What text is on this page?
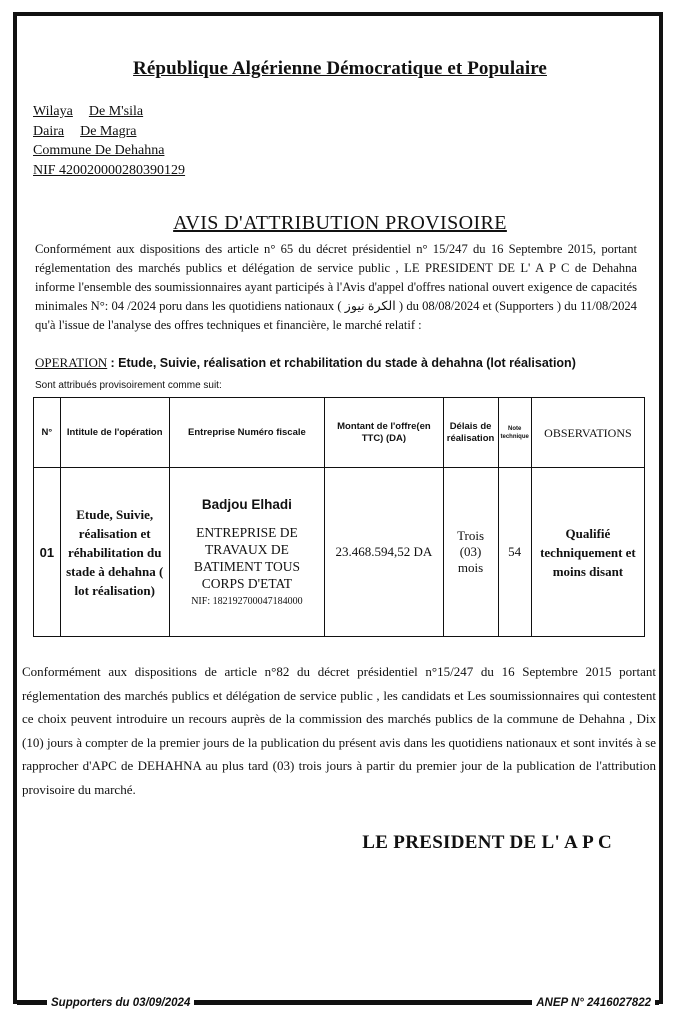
République Algérienne Démocratique et Populaire
Wilaya De M'sila
Daira De Magra
Commune De Dehahna
NIF 420020000280390129
AVIS D'ATTRIBUTION PROVISOIRE

Conformément aux dispositions des article n° 65 du décret présidentiel n° 15/247 du 16 Septembre 2015, portant réglementation des marchés publics et délégation de service public , LE PRESIDENT DE L' A P C de Dehahna informe l'ensemble des soumissionnaires ayant participés à l'Avis d'appel d'offres national ouvert exigence de capacités minimales N°: 04 /2024 poru dans les quotidiens nationaux ( الكرة نيوز ) du 08/08/2024 et (Supporters ) du 11/08/2024 qu'à l'issue de l'analyse des offres techniques et financière, le marché relatif :

OPERATION : Etude, Suivie, réalisation et rchabilitation du stade à dehahna (lot réalisation)
Sont attribués provisoirement comme suit:
N°	Intitule de l'opération	Entreprise Numéro fiscale	Montant de l'offre(en TTC) (DA)	Délais de réalisation	Note technique	OBSERVATIONS
01	Etude, Suivie, réalisation et réhabilitation du stade à dehahna ( lot réalisation)	Badjou Elhadi
ENTREPRISE DE TRAVAUX DE BATIMENT TOUS CORPS D'ETAT
NIF: 182192700047184000	23.468.594,52 DA	Trois (03) mois	54	Qualifié techniquement et moins disant
Conformément aux dispositions de article n°82 du décret présidentiel n°15/247 du 16 Septembre 2015 portant réglementation des marchés publics et délégation de service public , les candidats et Les soumissionnaires qui contestent ce choix peuvent introduire un recours auprès de la commission des marchés publics de la commune de Dehahna , Dix (10) jours à compter de la premier jours de la publication du présent avis dans les quotidiens nationaux et sont invités à se rapprocher d'APC de DEHAHNA au plus tard (03) trois jours à partir du premier jour de la publication de l'attribution provisoire du marché.
LE PRESIDENT DE L' A P C
Supporters du 03/09/2024	ANEP N° 2416027822
